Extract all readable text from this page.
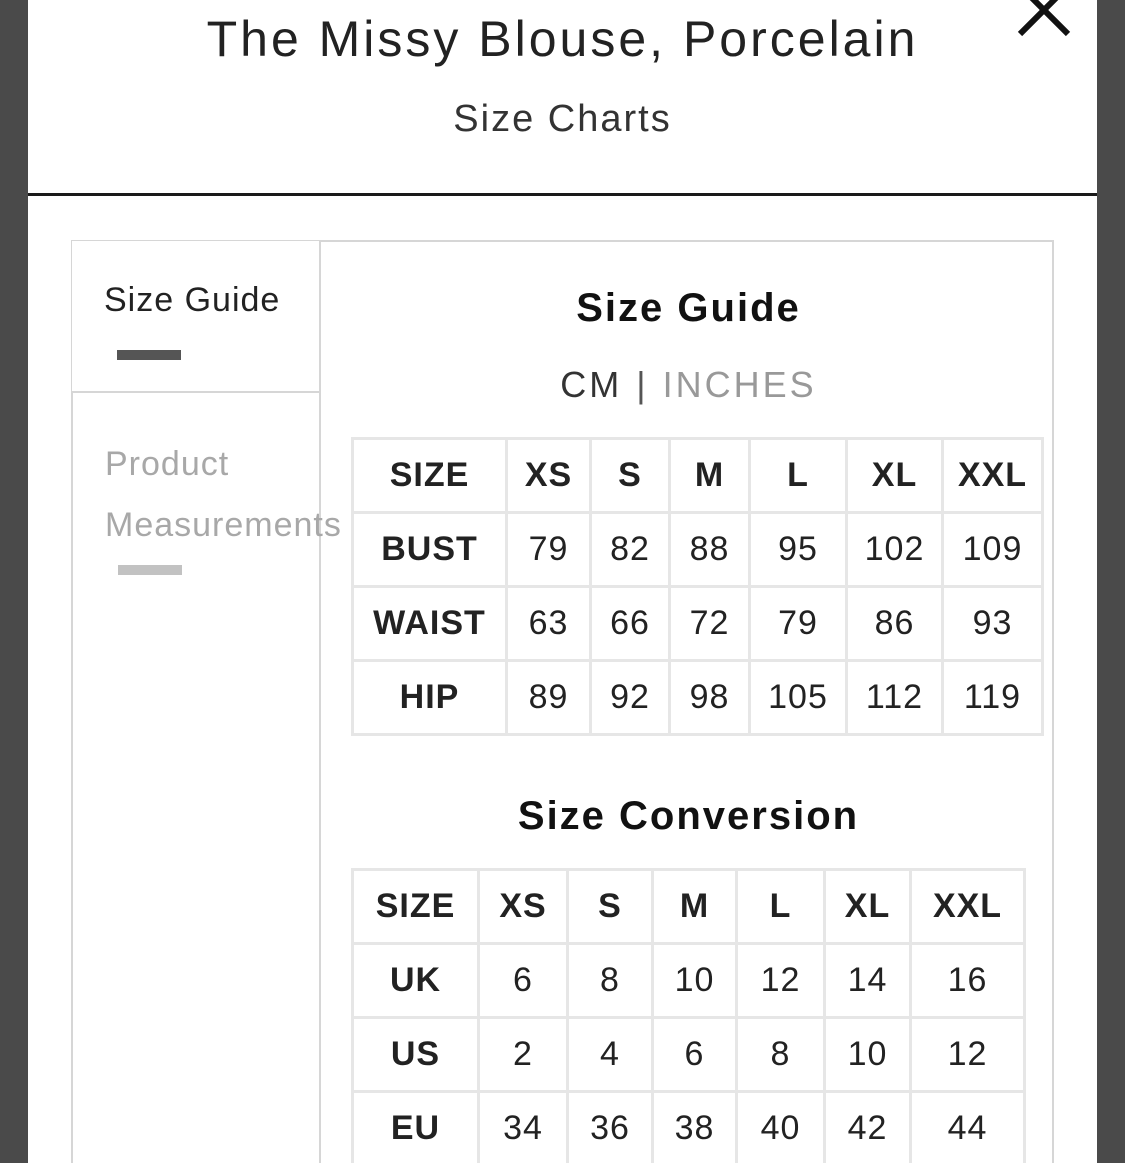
The Missy Blouse, Porcelain
Size Charts
Size Guide
Product Measurements
Size Guide
CM | INCHES
SIZE	XS	S	M	L	XL	XXL
BUST	79	82	88	95	102	109
WAIST	63	66	72	79	86	93
HIP	89	92	98	105	112	119
Size Conversion
SIZE	XS	S	M	L	XL	XXL
UK	6	8	10	12	14	16
US	2	4	6	8	10	12
EU	34	36	38	40	42	44
